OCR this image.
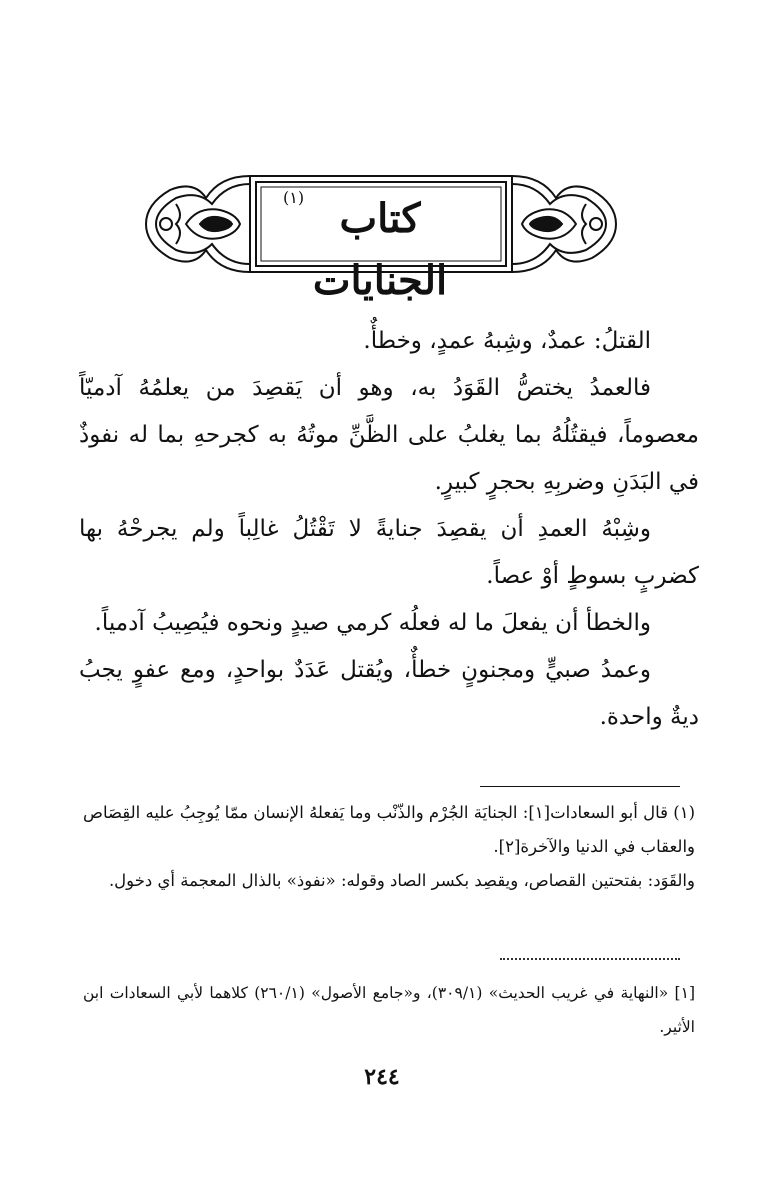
كتاب الجنايات
(١)

القتلُ: عمدٌ، وشِبهُ عمدٍ، وخطأٌ.

فالعمدُ يختصُّ القَوَدُ به، وهو أن يَقصِدَ من يعلمُهُ آدميّاً معصوماً، فيقتُلُهُ بما يغلبُ على الظَّنِّ موتُهُ به كجرحهِ بما له نفوذٌ في البَدَنِ وضربِهِ بحجرٍ كبيرٍ.

وشِبْهُ العمدِ أن يقصِدَ جنايةً لا تَقْتُلُ غالِباً ولم يجرحْهُ بها كضربٍ بسوطٍ أوْ عصاً.

والخطأ أن يفعلَ ما له فعلُه كرمي صيدٍ ونحوه فيُصِيبُ آدمياً.

وعمدُ صبيٍّ ومجنونٍ خطأٌ، ويُقتل عَدَدٌ بواحدٍ، ومع عفوٍ يجبُ ديةٌ واحدة.

(١) قال أبو السعادات[١]: الجنايَة الجُرْم والذّنْب وما يَفعلهُ الإنسان ممّا يُوجِبُ عليه القِصَاص والعقاب في الدنيا والآخرة[٢].

والقَوَد: بفتحتين القصاص، ويقصِد بكسر الصاد وقوله: «نفوذ» بالذال المعجمة أي دخول.

[١] «النهاية في غريب الحديث» (٣٠٩/١)، و«جامع الأصول» (٢٦٠/١) كلاهما لأبي السعادات ابن الأثير.

٢٤٤
